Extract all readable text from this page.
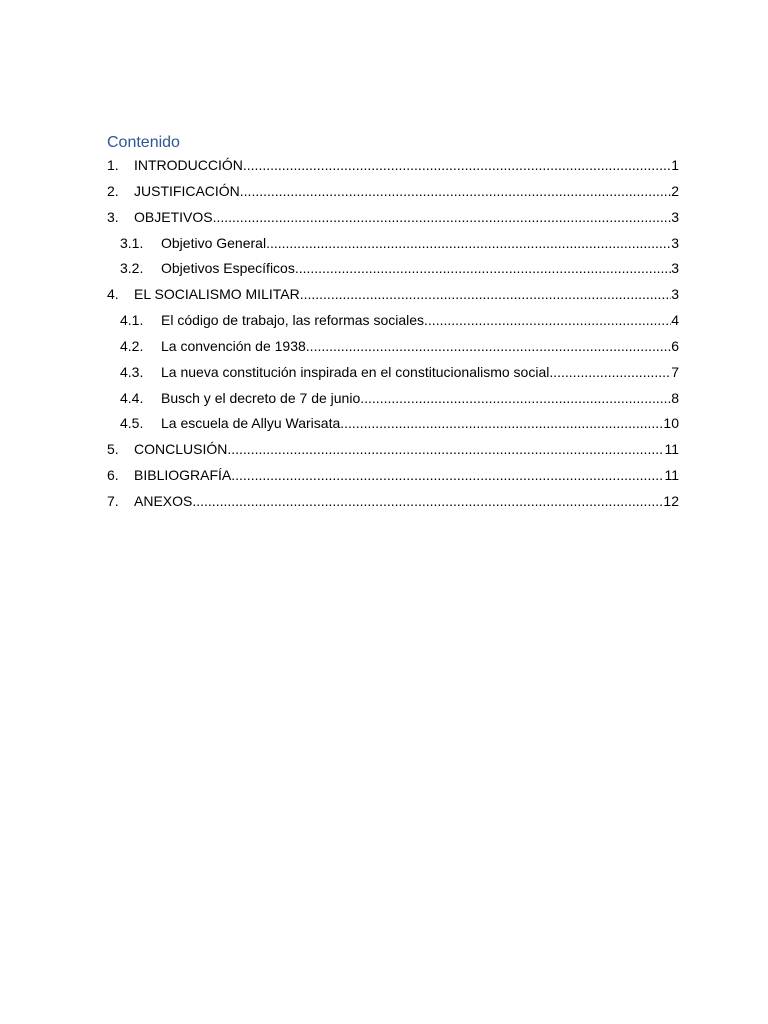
Contenido
1.	INTRODUCCIÓN .....	1
2.	JUSTIFICACIÓN .....	2
3.	OBJETIVOS .....	3
3.1.	Objetivo General .....	3
3.2.	Objetivos Específicos .....	3
4.	EL SOCIALISMO MILITAR .....	3
4.1.	El código de trabajo, las reformas sociales .....	4
4.2.	La convención de 1938 .....	6
4.3.	La nueva constitución inspirada en el constitucionalismo social .....	7
4.4.	Busch y el decreto de 7 de junio .....	8
4.5.	La escuela de Allyu Warisata .....	10
5.	CONCLUSIÓN .....	11
6.	BIBLIOGRAFÍA .....	11
7.	ANEXOS .....	12
